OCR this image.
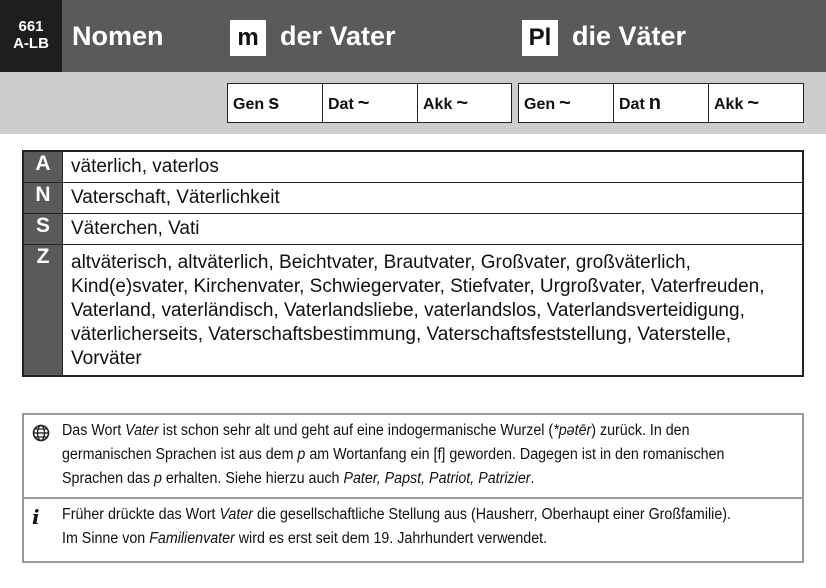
661
A-LB Nomen	m der Vater	Pl die Väter
Gen s	Dat ~	Akk ~	Gen ~	Dat n	Akk ~
A	väterlich, vaterlos
N	Vaterschaft, Väterlichkeit
S	Väterchen, Vati
Z	altväterisch, altväterlich, Beichtvater, Brautvater, Großvater, großväterlich, Kind(e)svater, Kirchenvater, Schwiegervater, Stiefvater, Urgroßvater, Vaterfreuden, Vaterland, vaterländisch, Vaterlandsliebe, vaterlandslos, Vaterlandsverteidigung, väterlicherseits, Vaterschaftsbestimmung, Vaterschaftsfeststellung, Vaterstelle, Vorväter
Das Wort Vater ist schon sehr alt und geht auf eine indogermanische Wurzel (*pǝtēr) zurück. In den germanischen Sprachen ist aus dem p am Wortanfang ein [f] geworden. Dagegen ist in den romanischen Sprachen das p erhalten. Siehe hierzu auch Pater, Papst, Patriot, Patrizier.
i	Früher drückte das Wort Vater die gesellschaftliche Stellung aus (Hausherr, Oberhaupt einer Großfamilie). Im Sinne von Familienvater wird es erst seit dem 19. Jahrhundert verwendet.
